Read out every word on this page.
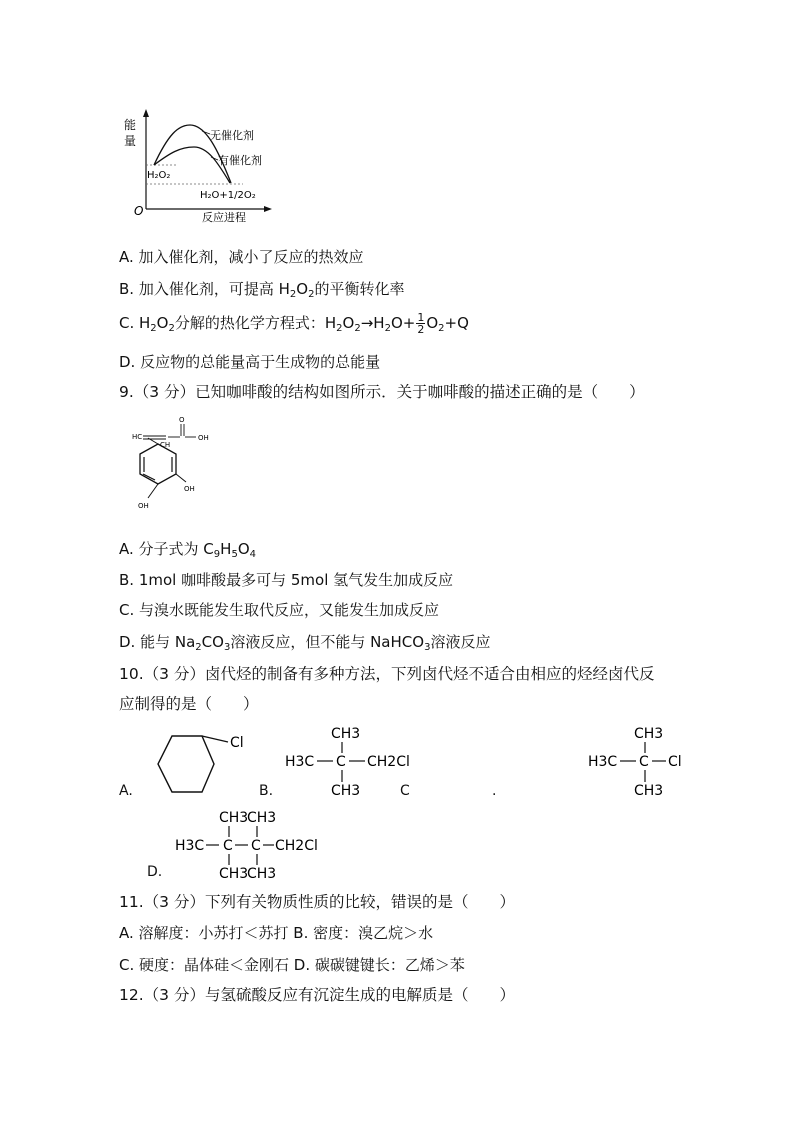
能
量	无催化剂
有催化剂
H₂O₂
H₂O+1/2O₂
O	反应进程
A. 加入催化剂，减小了反应的热效应
B. 加入催化剂，可提高 $H_2O_2$的平衡转化率
C. $H_2O_2$分解的热化学方程式：$H_2O_2\to H_2O+ \frac{1}{2} O_2+Q$
D. 反应物的总能量高于生成物的总能量
9.（3 分）已知咖啡酸的结构如图所示．关于咖啡酸的描述正确的是（　　）
HC
CH
O
OH
OH
OH
A. 分子式为 $C_9H_5O_4$
B. 1mol 咖啡酸最多可与 5mol 氢气发生加成反应
C. 与溴水既能发生取代反应，又能发生加成反应
D. 能与 $Na_2CO_3$溶液反应，但不能与 NaHCO$_3$溶液反应
10.（3 分）卤代烃的制备有多种方法，下列卤代烃不适合由相应的烃经卤代反
应制得的是（　　）
A.
Cl
B.
CH3
H3C C CH2Cl
CH3	C	.
CH3
H3C C Cl
CH3
D.
CH3
CH3
H3C C C CH2Cl
CH3
CH3
11.（3 分）下列有关物质性质的比较，错误的是（　　）
A. 溶解度：小苏打＜苏打 B. 密度：溴乙烷＞水
C. 硬度：晶体硅＜金刚石 D. 碳碳键键长：乙烯＞苯
12.（3 分）与氢硫酸反应有沉淀生成的电解质是（　　）
